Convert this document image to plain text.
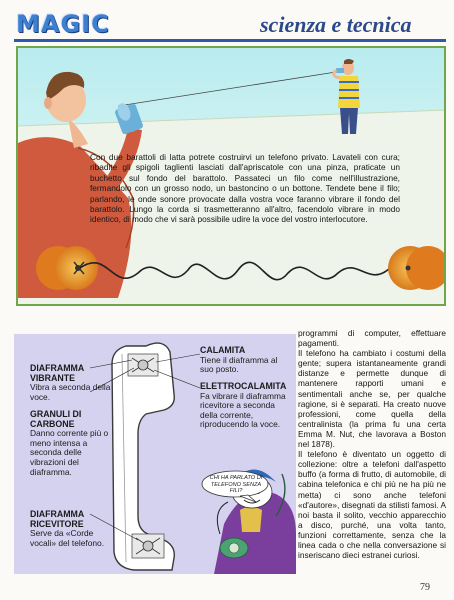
MAGIC	scienza e tecnica
Con due barattoli di latta potrete costruirvi un telefono privato. Lavateli con cura; ribadite gli spigoli taglienti lasciati dall'apriscatole con una pinza, praticate un buchetto sul fondo del barattolo. Passateci un filo come nell'illustrazione, fermandolo con un grosso nodo, un bastoncino o un bottone. Tendete bene il filo; parlando, le onde sonore provocate dalla vostra voce faranno vibrare il fondo del barattolo. Lungo la corda si trasmetteranno all'altro, facendolo vibrare in modo identico, di modo che vi sarà possibile udire la voce del vostro interlocutore.
DIAFRAMMA VIBRANTE
Vibra a seconda della voce.
GRANULI DI CARBONE
Danno corrente più o meno intensa a seconda delle vibrazioni del diaframma.
DIAFRAMMA RICEVITORE
Serve da «Corde vocali» del telefono.
CALAMITA
Tiene il diaframma al suo posto.
ELETTROCALAMITA
Fa vibrare il diaframma ricevitore a seconda della corrente, riproducendo la voce.
CHI HA PARLATO DI TELEFONO SENZA FILI?

programmi di computer, effettuare pagamenti.

Il telefono ha cambiato i costumi della gente; supera istantaneamente grandi distanze e permette dunque di mantenere rapporti umani e sentimentali anche se, per qualche ragione, si è separati. Ha creato nuove professioni, come quella della centralinista (la prima fu una certa Emma M. Nut, che lavorava a Boston nel 1878).

Il telefono è diventato un oggetto di collezione: oltre a telefoni dall'aspetto buffo (a forma di frutto, di automobile, di cabina telefonica e chi più ne ha più ne metta) ci sono anche telefoni «d'autore», disegnati da stilisti famosi. A noi basta il solito, vecchio apparecchio a disco, purché, una volta tanto, funzioni correttamente, senza che la linea cada o che nella conversazione si inseriscano dieci estranei curiosi.

79
